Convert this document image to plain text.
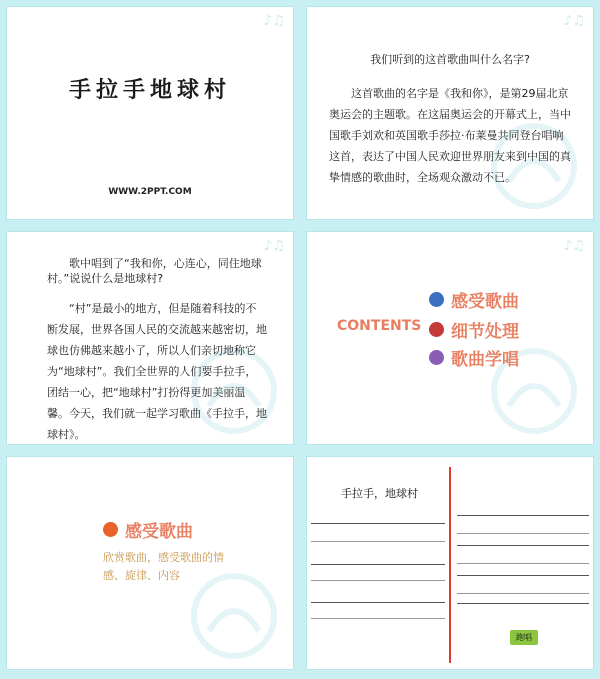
♪♫
手拉手地球村
WWW.2PPT.COM
♪♫
我们听到的这首歌曲叫什么名字?
这首歌曲的名字是《我和你》，是第29届北京奥运会的主题歌。在这届奥运会的开幕式上，当中国歌手刘欢和英国歌手莎拉·布莱曼共同登台唱响这首，表达了中国人民欢迎世界朋友来到中国的真挚情感的歌曲时，全场观众激动不已。
♪♫
歌中唱到了“我和你，心连心，同住地球村。”说说什么是地球村?
“村”是最小的地方，但是随着科技的不断发展，世界各国人民的交流越来越密切，地球也仿佛越来越小了，所以人们亲切地称它为“地球村”。我们全世界的人们要手拉手，团结一心，把“地球村”打扮得更加美丽温馨。今天，我们就一起学习歌曲《手拉手，地球村》。
♪♫
CONTENTS
感受歌曲
细节处理
歌曲学唱
感受歌曲
欣赏歌曲，感受歌曲的情感、旋律、内容
手拉手，地球村
跑唱
